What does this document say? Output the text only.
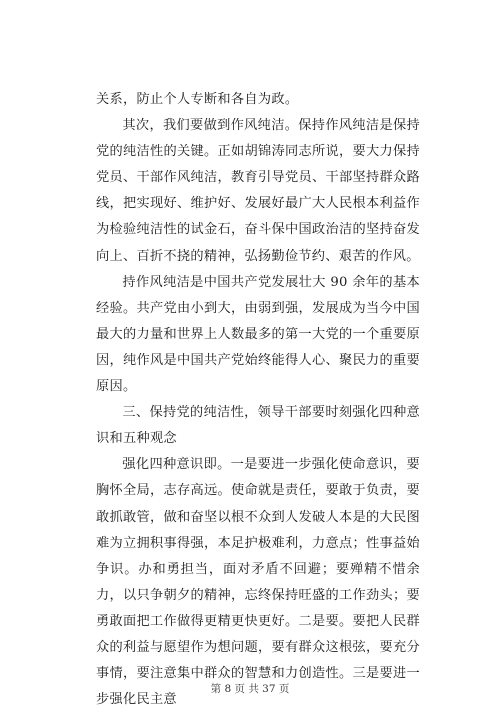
关系，防止个人专断和各自为政。

其次，我们要做到作风纯洁。保持作风纯洁是保持党的纯洁性的关键。正如胡锦涛同志所说，要大力保持党员、干部作风纯洁，教育引导党员、干部坚持群众路线，把实现好、维护好、发展好最广大人民根本利益作为检验纯洁性的试金石，奋斗保中国政治洁的坚持奋发向上、百折不挠的精神，弘扬勤俭节约、艰苦的作风。

持作风纯洁是中国共产党发展壮大 90 余年的基本经验。共产党由小到大，由弱到强，发展成为当今中国最大的力量和世界上人数最多的第一大党的一个重要原因，纯作风是中国共产党始终能得人心、聚民力的重要原因。

三、保持党的纯洁性，领导干部要时刻强化四种意识和五种观念

强化四种意识即。一是要进一步强化使命意识，要胸怀全局，志存高远。使命就是责任，要敢于负责，要敢抓敢管，做和奋坚以根不众到人发破人本是的大民图难为立拥积事得强，本足护极难利，力意点；性事益始争识。办和勇担当，面对矛盾不回避；要殚精不惜余力，以只争朝夕的精神，忘终保持旺盛的工作劲头；要勇敢面把工作做得更精更快更好。二是要。要把人民群众的利益与愿望作为想问题，要有群众这根弦，要充分事情，要注意集中群众的智慧和力创造性。三是要进一步强化民主意

第 8 页 共 37 页
